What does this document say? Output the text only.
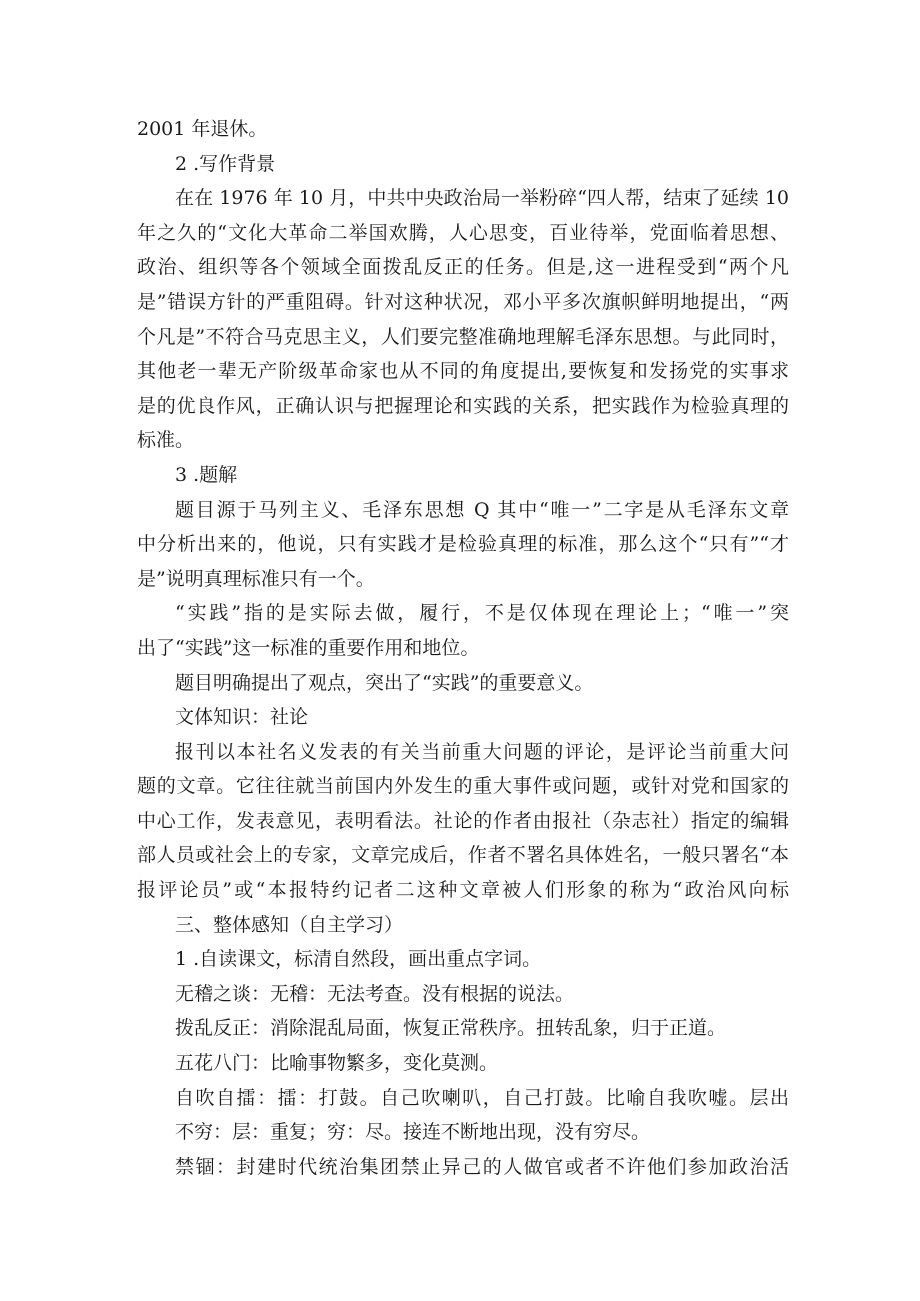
2001 年退休。
2 .写作背景
在在 1976 年 10 月，中共中央政治局一举粉碎“四人帮，结束了延续 10
年之久的“文化大革命二举国欢腾，人心思变，百业待举，党面临着思想、
政治、组织等各个领域全面拨乱反正的任务。但是,这一进程受到“两个凡
是”错误方针的严重阻碍。针对这种状况，邓小平多次旗帜鲜明地提出，“两
个凡是”不符合马克思主义，人们要完整准确地理解毛泽东思想。与此同时，
其他老一辈无产阶级革命家也从不同的角度提出,要恢复和发扬党的实事求
是的优良作风，正确认识与把握理论和实践的关系，把实践作为检验真理的
标准。
3 .题解
题目源于马列主义、毛泽东思想 Q 其中“唯一”二字是从毛泽东文章
中分析出来的，他说，只有实践才是检验真理的标准，那么这个“只有”“才
是”说明真理标准只有一个。
“实践”指的是实际去做，履行，不是仅体现在理论上；“唯一”突
出了“实践”这一标准的重要作用和地位。
题目明确提出了观点，突出了“实践”的重要意义。
文体知识：社论
报刊以本社名义发表的有关当前重大问题的评论，是评论当前重大问
题的文章。它往往就当前国内外发生的重大事件或问题，或针对党和国家的
中心工作，发表意见，表明看法。社论的作者由报社（杂志社）指定的编辑
部人员或社会上的专家，文章完成后，作者不署名具体姓名，一般只署名“本
报评论员”或“本报特约记者二这种文章被人们形象的称为“政治风向标
三、整体感知（自主学习）
1 .自读课文，标清自然段，画出重点字词。
无稽之谈：无稽：无法考查。没有根据的说法。
拨乱反正：消除混乱局面，恢复正常秩序。扭转乱象，归于正道。
五花八门：比喻事物繁多，变化莫测。
自吹自擂：擂：打鼓。自己吹喇叭，自己打鼓。比喻自我吹嘘。层出
不穷：层：重复；穷：尽。接连不断地出现，没有穷尽。
禁锢：封建时代统治集团禁止异己的人做官或者不许他们参加政治活
